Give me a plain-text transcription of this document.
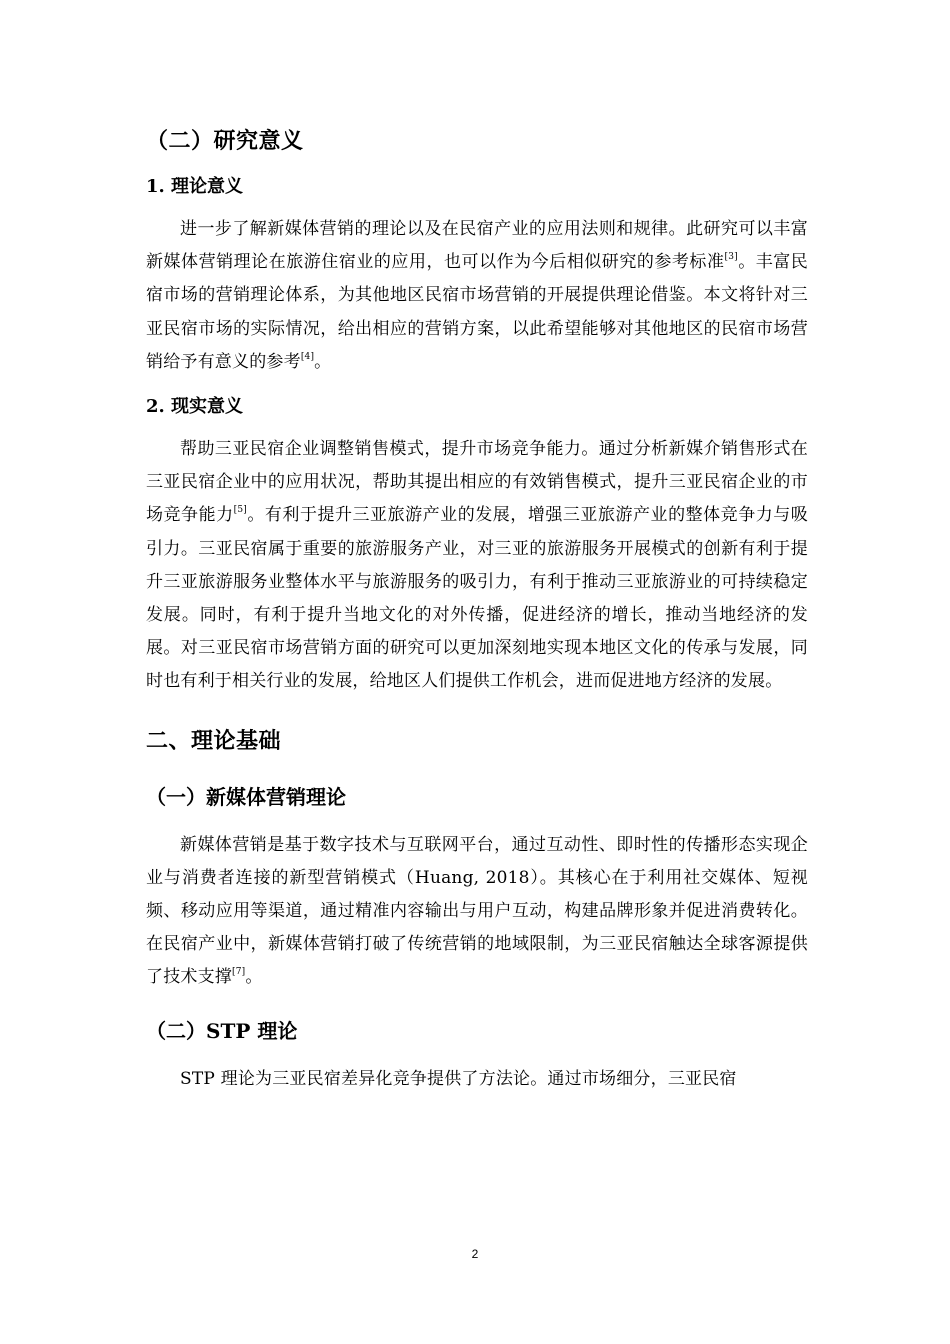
（二）研究意义
1. 理论意义

进一步了解新媒体营销的理论以及在民宿产业的应用法则和规律。此研究可以丰富新媒体营销理论在旅游住宿业的应用，也可以作为今后相似研究的参考标准[3]。丰富民宿市场的营销理论体系，为其他地区民宿市场营销的开展提供理论借鉴。本文将针对三亚民宿市场的实际情况，给出相应的营销方案，以此希望能够对其他地区的民宿市场营销给予有意义的参考[4]。

2. 现实意义

帮助三亚民宿企业调整销售模式，提升市场竞争能力。通过分析新媒介销售形式在三亚民宿企业中的应用状况，帮助其提出相应的有效销售模式，提升三亚民宿企业的市场竞争能力[5]。有利于提升三亚旅游产业的发展，增强三亚旅游产业的整体竞争力与吸引力。三亚民宿属于重要的旅游服务产业，对三亚的旅游服务开展模式的创新有利于提升三亚旅游服务业整体水平与旅游服务的吸引力，有利于推动三亚旅游业的可持续稳定发展。同时，有利于提升当地文化的对外传播，促进经济的增长，推动当地经济的发展。对三亚民宿市场营销方面的研究可以更加深刻地实现本地区文化的传承与发展，同时也有利于相关行业的发展，给地区人们提供工作机会，进而促进地方经济的发展。

二、理论基础
（一）新媒体营销理论

新媒体营销是基于数字技术与互联网平台，通过互动性、即时性的传播形态实现企业与消费者连接的新型营销模式（Huang, 2018）。其核心在于利用社交媒体、短视频、移动应用等渠道，通过精准内容输出与用户互动，构建品牌形象并促进消费转化。在民宿产业中，新媒体营销打破了传统营销的地域限制，为三亚民宿触达全球客源提供了技术支撑[7]。

（二）STP 理论

STP 理论为三亚民宿差异化竞争提供了方法论。通过市场细分，三亚民宿

2
